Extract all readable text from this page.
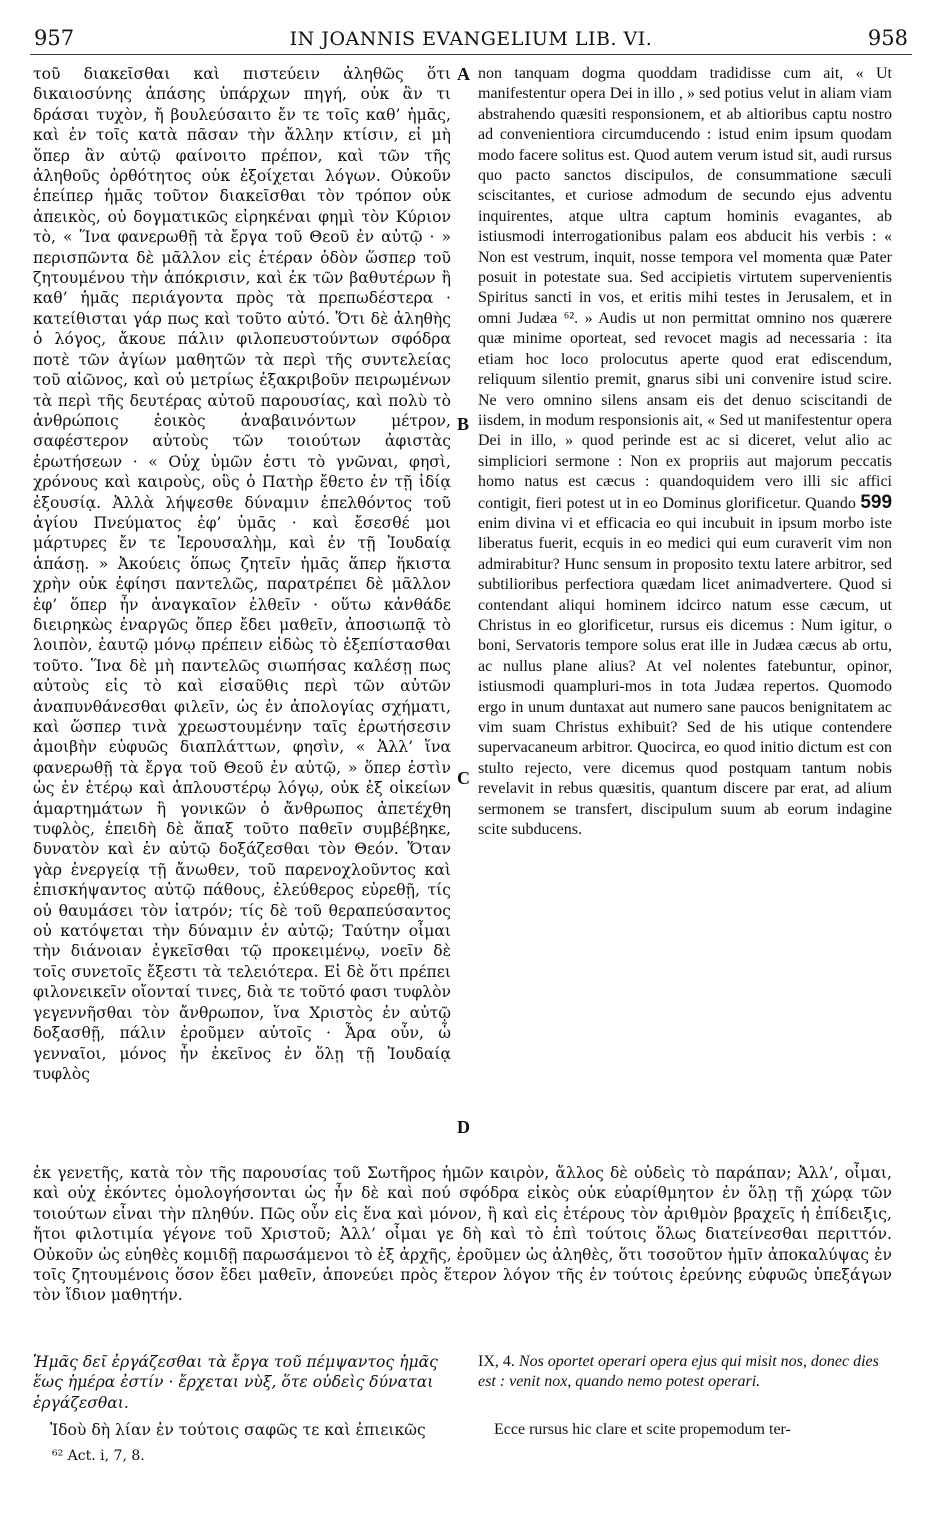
957	IN JOANNIS EVANGELIUM LIB. VI.	958

τοῦ διακεῖσθαι καὶ πιστεύειν ἀληθῶς ὅτι δικαιοσύνης ἁπάσης ὑπάρχων πηγή, οὐκ ἂν τι δράσαι τυχὸν, ἤ βουλεύσαιτο ἔν τε τοῖς καθ’ ἡμᾶς, καὶ ἐν τοῖς κατὰ πᾶσαν τὴν ἄλλην κτίσιν, εἰ μὴ ὅπερ ἂν αὐτῷ φαίνοιτο πρέπον, καὶ τῶν τῆς ἀληθοῦς ὀρθότητος οὐκ ἐξοίχεται λόγων. Οὐκοῦν ἐπείπερ ἡμᾶς τοῦτον διακεῖσθαι τὸν τρόπον οὐκ ἀπεικὸς, οὐ δογματικῶς εἰρηκέναι φημὶ τὸν Κύριον τὸ, « Ἵνα φανερωθῇ τὰ ἔργα τοῦ Θεοῦ ἐν αὐτῷ · » περισπῶντα δὲ μᾶλλον εἰς ἑτέραν ὁδὸν ὥσπερ τοῦ ζητουμένου τὴν ἀπόκρισιν, καὶ ἐκ τῶν βαθυτέρων ἢ καθ’ ἡμᾶς περιάγοντα πρὸς τὰ πρεπωδέστερα · κατείθισται γάρ πως καὶ τοῦτο αὐτό. Ὅτι δὲ ἀληθὴς ὁ λόγος, ἄκουε πάλιν φιλοπευστούντων σφόδρα ποτὲ τῶν ἁγίων μαθητῶν τὰ περὶ τῆς συντελείας τοῦ αἰῶνος, καὶ οὐ μετρίως ἐξακριβοῦν πειρωμένων τὰ περὶ τῆς δευτέρας αὐτοῦ παρουσίας, καὶ πολὺ τὸ ἀνθρώποις ἐοικὸς ἀναβαινόντων μέτρον, σαφέστερον αὐτοὺς τῶν τοιούτων ἀφιστὰς ἐρωτήσεων · « Οὐχ ὑμῶν ἐστι τὸ γνῶναι, φησὶ, χρόνους καὶ καιροὺς, οὓς ὁ Πατὴρ ἔθετο ἐν τῇ ἰδίᾳ ἐξουσίᾳ. Ἀλλὰ λήψεσθε δύναμιν ἐπελθόντος τοῦ ἁγίου Πνεύματος ἐφ’ ὑμᾶς · καὶ ἔσεσθέ μοι μάρτυρες ἔν τε Ἱερουσαλὴμ, καὶ ἐν τῇ Ἰουδαίᾳ ἁπάσῃ. » Ἀκούεις ὅπως ζητεῖν ἡμᾶς ἅπερ ἥκιστα χρὴν οὐκ ἐφίησι παντελῶς, παρατρέπει δὲ μᾶλλον ἐφ’ ὅπερ ἦν ἀναγκαῖον ἐλθεῖν · οὕτω κἀνθάδε διειρηκὼς ἐναργῶς ὅπερ ἔδει μαθεῖν, ἀποσιωπᾷ τὸ λοιπὸν, ἑαυτῷ μόνῳ πρέπειν εἰδὼς τὸ ἐξεπίστασθαι τοῦτο. Ἵνα δὲ μὴ παντελῶς σιωπήσας καλέσῃ πως αὐτοὺς εἰς τὸ καὶ εἰσαῦθις περὶ τῶν αὐτῶν ἀναπυνθάνεσθαι φιλεῖν, ὡς ἐν ἀπολογίας σχήματι, καὶ ὥσπερ τινὰ χρεωστουμένην ταῖς ἐρωτήσεσιν ἀμοιβὴν εὐφυῶς διαπλάττων, φησὶν, « Ἀλλ’ ἵνα φανερωθῇ τὰ ἔργα τοῦ Θεοῦ ἐν αὐτῷ, » ὅπερ ἐστὶν ὡς ἐν ἑτέρῳ καὶ ἁπλουστέρῳ λόγῳ, οὐκ ἐξ οἰκείων ἁμαρτημάτων ἢ γονικῶν ὁ ἄνθρωπος ἀπετέχθη τυφλὸς, ἐπειδὴ δὲ ἅπαξ τοῦτο παθεῖν συμβέβηκε, δυνατὸν καὶ ἐν αὐτῷ δοξάζεσθαι τὸν Θεόν. Ὅταν γὰρ ἐνεργείᾳ τῇ ἄνωθεν, τοῦ παρενοχλοῦντος καὶ ἐπισκήψαντος αὐτῷ πάθους, ἐλεύθερος εὑρεθῇ, τίς οὐ θαυμάσει τὸν ἰατρόν; τίς δὲ τοῦ θεραπεύσαντος οὐ κατόψεται τὴν δύναμιν ἐν αὐτῷ; Ταύτην οἶμαι τὴν διάνοιαν ἐγκεῖσθαι τῷ προκειμένῳ, νοεῖν δὲ τοῖς συνετοῖς ἔξεστι τὰ τελειότερα. Εἰ δὲ ὅτι πρέπει φιλονεικεῖν οἴονταί τινες, διὰ τε τοῦτό φασι τυφλὸν γεγεννῆσθαι τὸν ἄνθρωπον, ἵνα Χριστὸς ἐν αὐτῷ δοξασθῇ, πάλιν ἐροῦμεν αὐτοῖς · Ἆρα οὖν, ὦ γενναῖοι, μόνος ἦν ἐκεῖνος ἐν ὅλῃ τῇ Ἰουδαίᾳ τυφλὸς

non tanquam dogma quoddam tradidisse cum ait, « Ut manifestentur opera Dei in illo , » sed potius velut in aliam viam abstrahendo quæsiti responsionem, et ab altioribus captu nostro ad convenientiora circumducendo : istud enim ipsum quodam modo facere solitus est. Quod autem verum istud sit, audi rursus quo pacto sanctos discipulos, de consummatione sæculi sciscitantes, et curiose admodum de secundo ejus adventu inquirentes, atque ultra captum hominis evagantes, ab istiusmodi interrogationibus palam eos abducit his verbis : « Non est vestrum, inquit, nosse tempora vel momenta quæ Pater posuit in potestate sua. Sed accipietis virtutem supervenientis Spiritus sancti in vos, et eritis mihi testes in Jerusalem, et in omni Judæa ⁶². » Audis ut non permittat omnino nos quærere quæ minime oporteat, sed revocet magis ad necessaria : ita etiam hoc loco prolocutus aperte quod erat ediscendum, reliquum silentio premit, gnarus sibi uni convenire istud scire. Ne vero omnino silens ansam eis det denuo sciscitandi de iisdem, in modum responsionis ait, « Sed ut manifestentur opera Dei in illo, » quod perinde est ac si diceret, velut alio ac simpliciori sermone : Non ex propriis aut majorum peccatis homo natus est cæcus : quandoquidem vero illi sic affici contigit, fieri potest ut in eo Dominus glorificetur. Quando 599 enim divina vi et efficacia eo qui incubuit in ipsum morbo iste liberatus fuerit, ecquis in eo medici qui eum curaverit vim non admirabitur? Hunc sensum in proposito textu latere arbitror, sed subtilioribus perfectiora quædam licet animadvertere. Quod si contendant aliqui hominem idcirco natum esse cæcum, ut Christus in eo glorificetur, rursus eis dicemus : Num igitur, o boni, Servatoris tempore solus erat ille in Judæa cæcus ab ortu, ac nullus plane alius? At vel nolentes fatebuntur, opinor, istiusmodi quampluri-mos in tota Judæa repertos. Quomodo ergo in unum duntaxat aut numero sane paucos benignitatem ac vim suam Christus exhibuit? Sed de his utique contendere supervacaneum arbitror. Quocirca, eo quod initio dictum est con stulto rejecto, vere dicemus quod postquam tantum nobis revelavit in rebus quæsitis, quantum discere par erat, ad alium sermonem se transfert, discipulum suum ab eorum indagine scite subducens.

A
B
C
D

ἐκ γενετῆς, κατὰ τὸν τῆς παρουσίας τοῦ Σωτῆρος ἡμῶν καιρὸν, ἄλλος δὲ οὐδεὶς τὸ παράπαν; Ἀλλ’, οἶμαι, καὶ οὐχ ἑκόντες ὁμολογήσονται ὡς ἦν δὲ καὶ πού σφόδρα εἰκὸς οὐκ εὐαρίθμητον ἐν ὅλῃ τῇ χώρᾳ τῶν τοιούτων εἶναι τὴν πληθύν. Πῶς οὖν εἰς ἕνα καὶ μόνον, ἢ καὶ εἰς ἑτέρους τὸν ἀριθμὸν βραχεῖς ἡ ἐπίδειξις, ἤτοι φιλοτιμία γέγονε τοῦ Χριστοῦ; Ἀλλ’ οἶμαι γε δὴ καὶ τὸ ἐπὶ τούτοις ὅλως διατείνεσθαι περιττόν. Οὐκοῦν ὡς εὐηθὲς κομιδῇ παρωσάμενοι τὸ ἐξ ἀρχῆς, ἐροῦμεν ὡς ἀληθὲς, ὅτι τοσοῦτον ἡμῖν ἀποκαλύψας ἐν τοῖς ζητουμένοις ὅσον ἔδει μαθεῖν, ἀπονεύει πρὸς ἕτερον λόγον τῆς ἐν τούτοις ἐρεύνης εὐφυῶς ὑπεξάγων τὸν ἴδιον μαθητήν.

Ἡμᾶς δεῖ ἐργάζεσθαι τὰ ἔργα τοῦ πέμψαντος ἡμᾶς ἕως ἡμέρα ἐστίν · ἔρχεται νὺξ, ὅτε οὐδεὶς δύναται ἐργάζεσθαι.
IX, 4. Nos oportet operari opera ejus qui misit nos, donec dies est : venit nox, quando nemo potest operari.
Ἰδοὺ δὴ λίαν ἐν τούτοις σαφῶς τε καὶ ἐπιεικῶς	Ecce rursus hic clare et scite propemodum ter-
⁶² Act. i, 7, 8.
